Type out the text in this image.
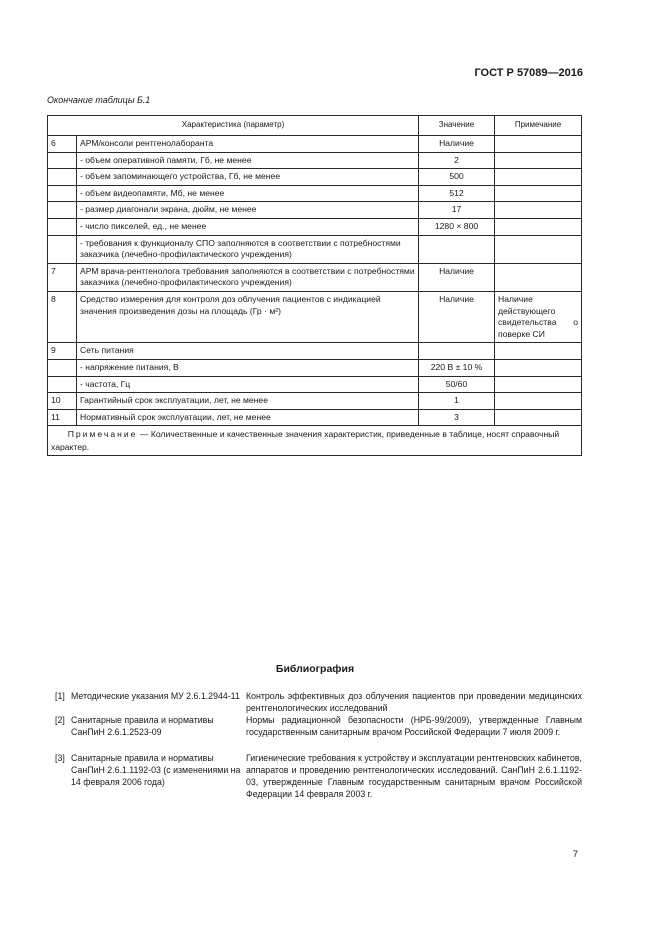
ГОСТ Р 57089—2016
Окончание таблицы Б.1
Характеристика (параметр)		Значение	Примечание
6	АРМ/консоли рентгенолаборанта	Наличие	
	- объем оперативной памяти, Гб, не менее	2	
	- объем запоминающего устройства, Гб, не менее	500	
	- объем видеопамяти, Мб, не менее	512	
	- размер диагонали экрана, дюйм, не менее	17	
	- число пикселей, ед., не менее	1280 × 800	
	- требования к функционалу СПО заполняются в соответствии с потребностями заказчика (лечебно-профилактического учреждения)		
7	АРМ врача-рентгенолога требования заполняются в соответствии с потребностями заказчика (лечебно-профилактического учреждения)	Наличие	
8	Средство измерения для контроля доз облучения пациентов с индикацией значения произведения дозы на площадь (Гр · м²)	Наличие	Наличие действующего свидетельства о поверке СИ
9	Сеть питания		
	- напряжение питания, В	220 В ± 10 %	
	- частота, Гц	50/60	
10	Гарантийный срок эксплуатации, лет, не менее	1	
11	Нормативный срок эксплуатации, лет, не менее	3	
Примечание — Количественные и качественные значения характеристик, приведенные в таблице, носят справочный характер.			
Библиография
[1] Методические указания МУ 2.6.1.2944-11 Контроль эффективных доз облучения пациентов при проведении медицинских рентгенологических исследований
[2] Санитарные правила и нормативы СанПиН 2.6.1.2523-09
Нормы радиационной безопасности (НРБ-99/2009), утвержденные Главным государственным санитарным врачом Российской Федерации 7 июля 2009 г.
[3] Санитарные правила и нормативы СанПиН 2.6.1.1192-03 (с изменениями на 14 февраля 2006 года)
Гигиенические требования к устройству и эксплуатации рентгеновских кабинетов, аппаратов и проведению рентгенологических исследований. СанПиН 2.6.1.1192-03, утвержденные Главным государственным санитарным врачом Российской Федерации 14 февраля 2003 г.
7
